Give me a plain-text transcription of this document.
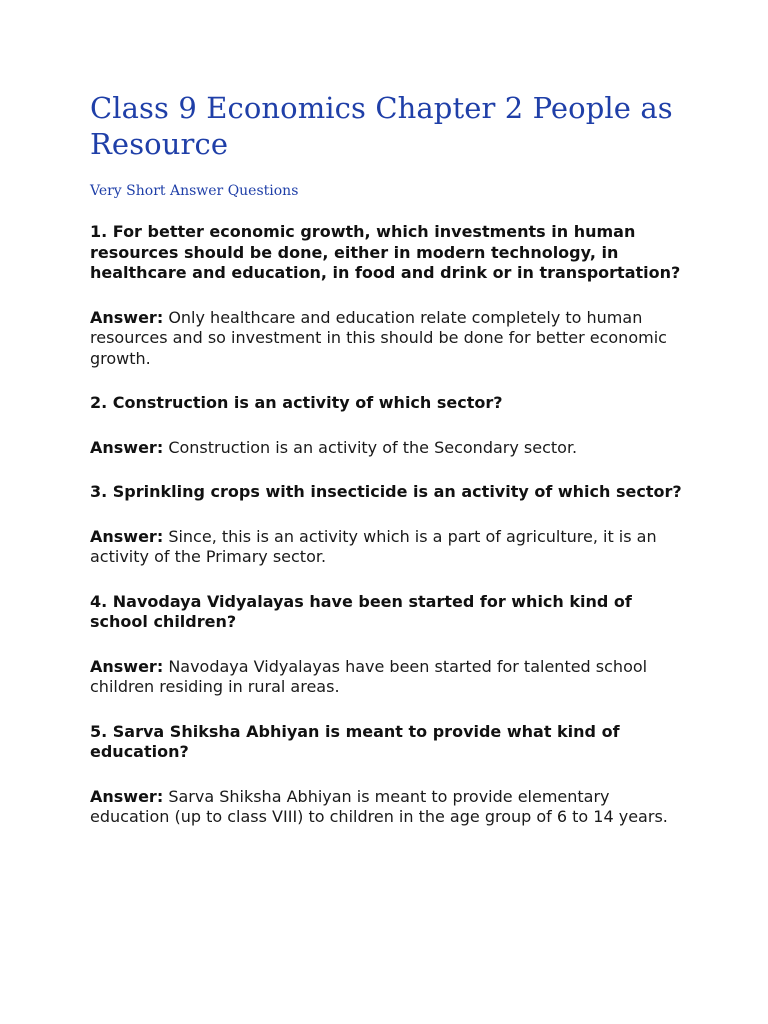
Class 9 Economics Chapter 2 People as Resource
Very Short Answer Questions

1. For better economic growth, which investments in human resources should be done, either in modern technology, in healthcare and education, in food and drink or in transportation?

Answer: Only healthcare and education relate completely to human resources and so investment in this should be done for better economic growth.

2. Construction is an activity of which sector?

Answer: Construction is an activity of the Secondary sector.

3. Sprinkling crops with insecticide is an activity of which sector?

Answer: Since, this is an activity which is a part of agriculture, it is an activity of the Primary sector.

4. Navodaya Vidyalayas have been started for which kind of school children?

Answer: Navodaya Vidyalayas have been started for talented school children residing in rural areas.

5. Sarva Shiksha Abhiyan is meant to provide what kind of education?

Answer: Sarva Shiksha Abhiyan is meant to provide elementary education (up to class VIII) to children in the age group of 6 to 14 years.
